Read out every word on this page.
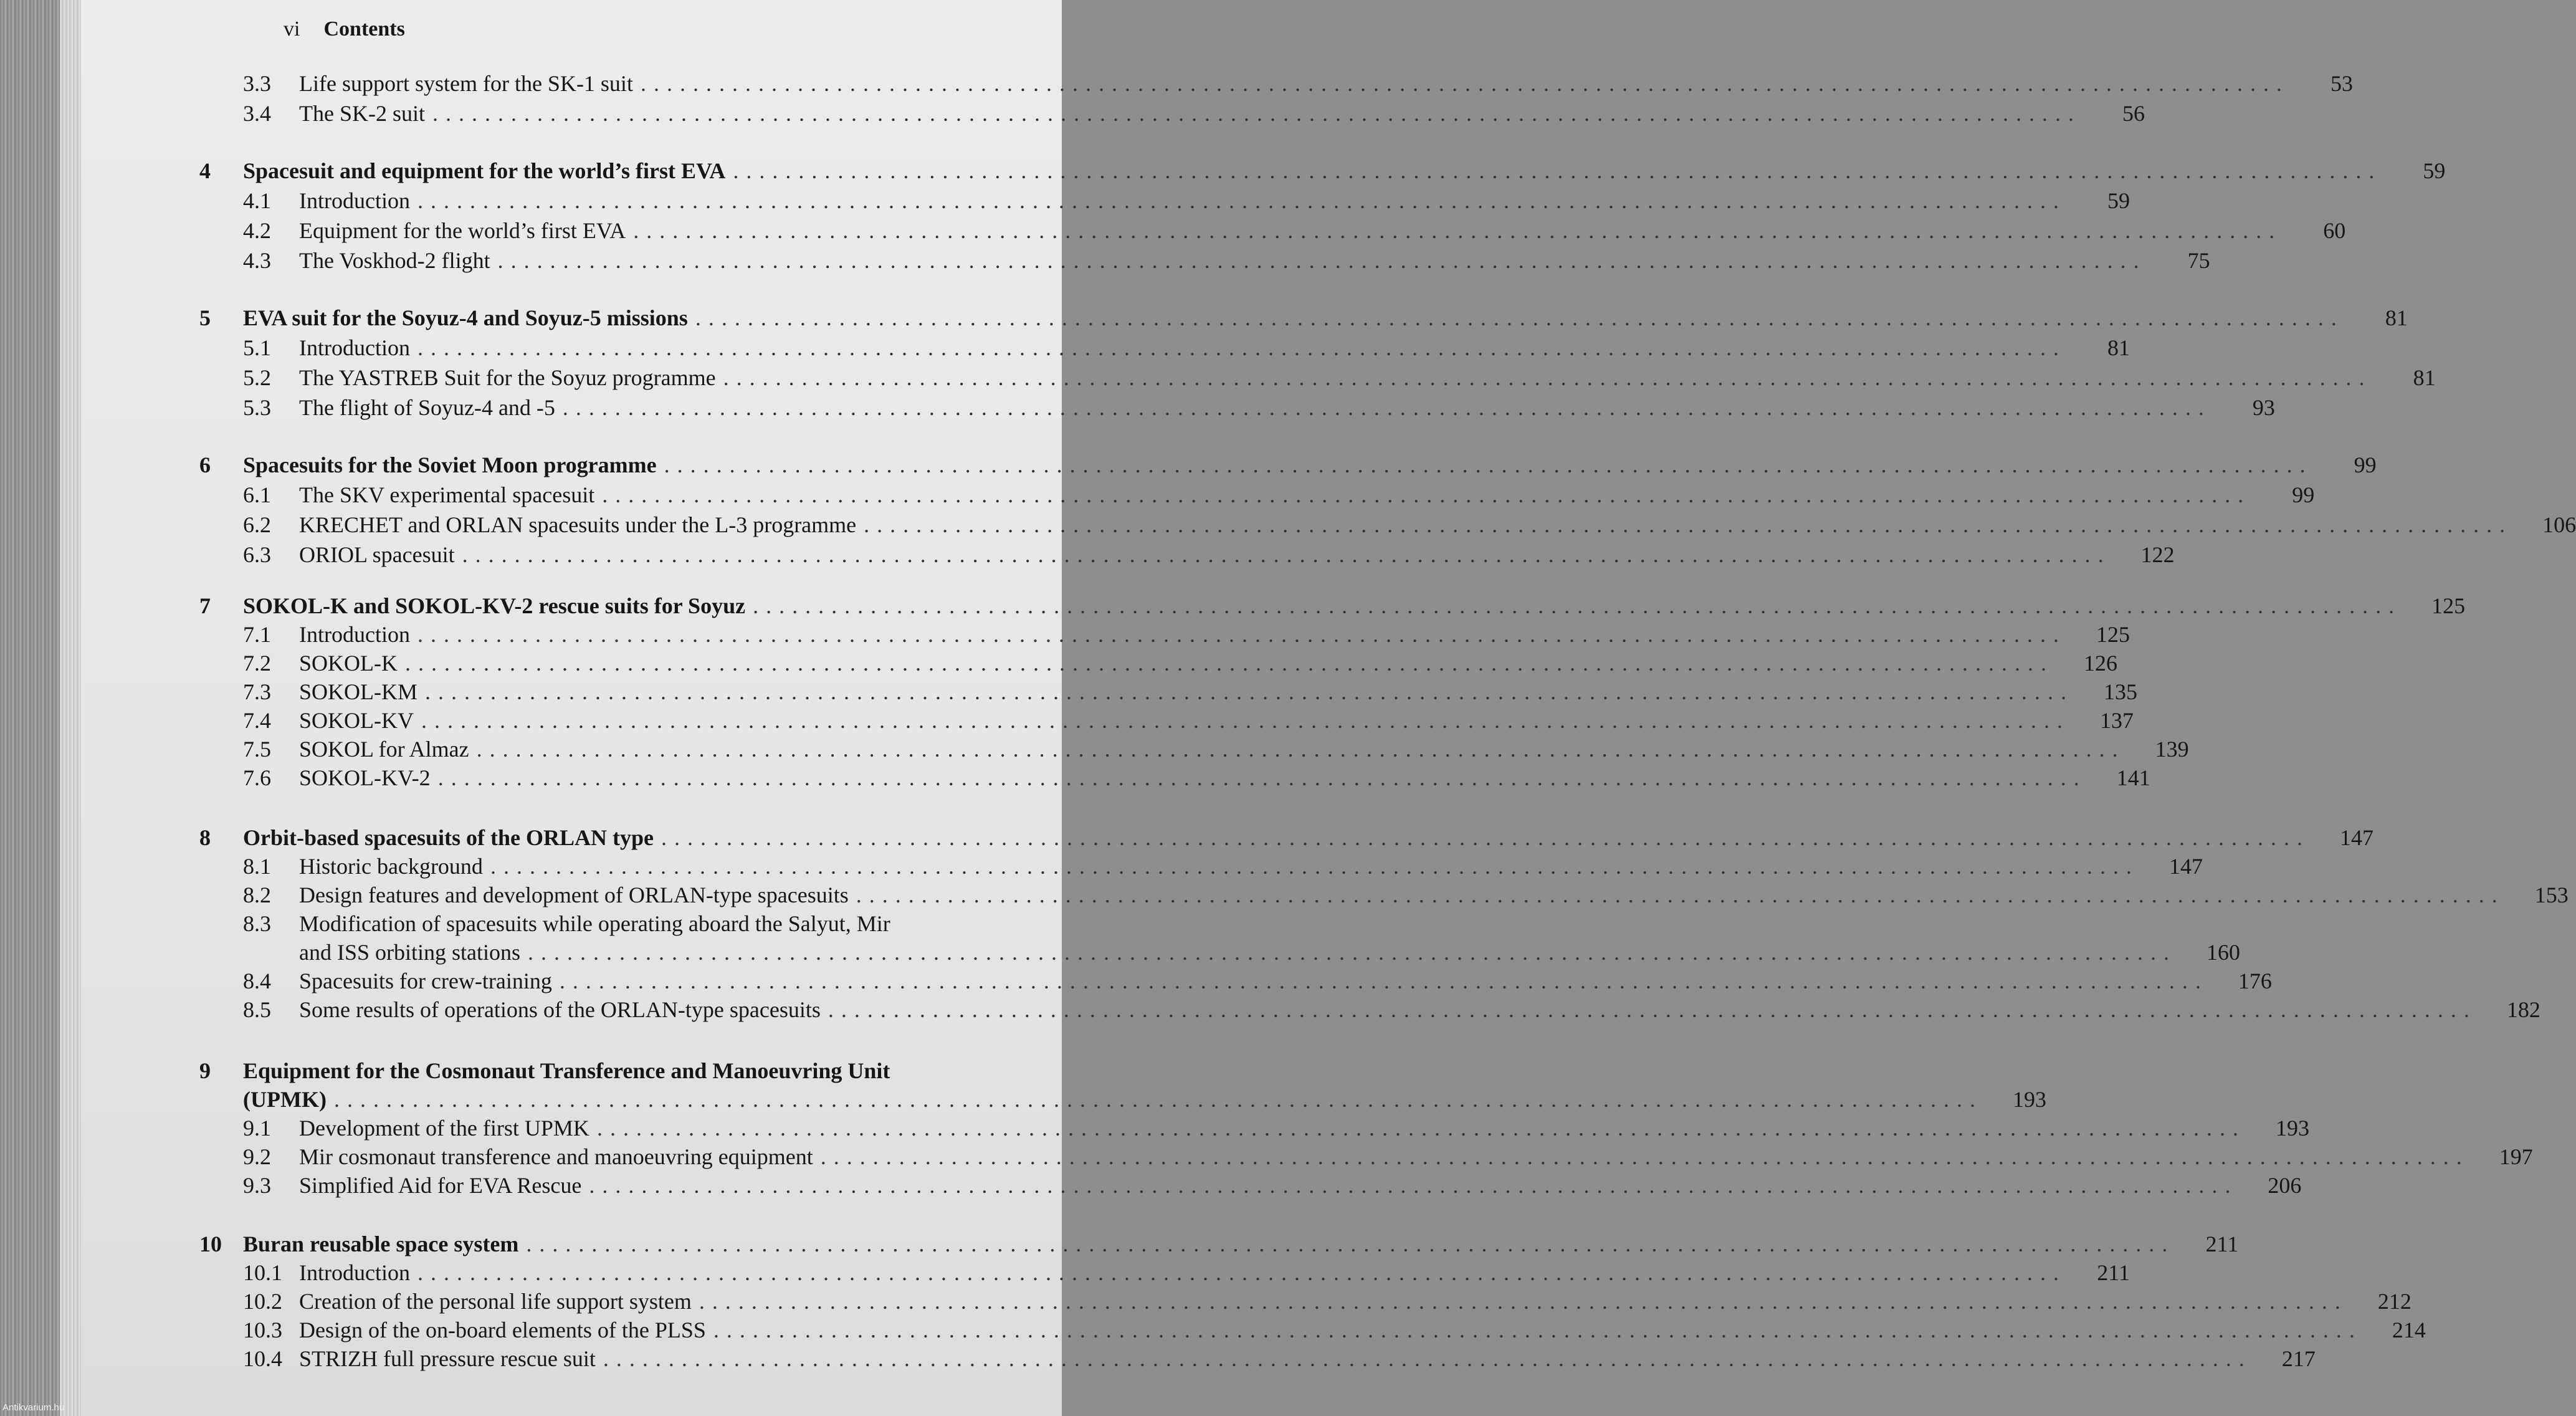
vi Contents
3.3	Life support system for the SK-1 suit ..............................................................................................................................	53
3.4	The SK-2 suit ..............................................................................................................................	56
4	Spacesuit and equipment for the world’s first EVA ..............................................................................................................................	59
4.1	Introduction ..............................................................................................................................	59
4.2	Equipment for the world’s first EVA ..............................................................................................................................	60
4.3	The Voskhod-2 flight ..............................................................................................................................	75
5	EVA suit for the Soyuz-4 and Soyuz-5 missions ..............................................................................................................................	81
5.1	Introduction ..............................................................................................................................	81
5.2	The YASTREB Suit for the Soyuz programme ..............................................................................................................................	81
5.3	The flight of Soyuz-4 and -5 ..............................................................................................................................	93
6	Spacesuits for the Soviet Moon programme ..............................................................................................................................	99
6.1	The SKV experimental spacesuit ..............................................................................................................................	99
6.2	KRECHET and ORLAN spacesuits under the L-3 programme ..............................................................................................................................	106
6.3	ORIOL spacesuit ..............................................................................................................................	122
7	SOKOL-K and SOKOL-KV-2 rescue suits for Soyuz ..............................................................................................................................	125
7.1	Introduction ..............................................................................................................................	125
7.2	SOKOL-K ..............................................................................................................................	126
7.3	SOKOL-KM ..............................................................................................................................	135
7.4	SOKOL-KV ..............................................................................................................................	137
7.5	SOKOL for Almaz ..............................................................................................................................	139
7.6	SOKOL-KV-2 ..............................................................................................................................	141
8	Orbit-based spacesuits of the ORLAN type ..............................................................................................................................	147
8.1	Historic background ..............................................................................................................................	147
8.2	Design features and development of ORLAN-type spacesuits ..............................................................................................................................	153
8.3 Modification of spacesuits while operating aboard the Salyut, Mir
and ISS orbiting stations ..............................................................................................................................	160
8.4	Spacesuits for crew-training ..............................................................................................................................	176
8.5	Some results of operations of the ORLAN-type spacesuits ..............................................................................................................................	182
9 Equipment for the Cosmonaut Transference and Manoeuvring Unit
(UPMK) ..............................................................................................................................	193
9.1	Development of the first UPMK ..............................................................................................................................	193
9.2	Mir cosmonaut transference and manoeuvring equipment ..............................................................................................................................	197
9.3	Simplified Aid for EVA Rescue ..............................................................................................................................	206
10 Buran reusable space system ..............................................................................................................................	211
10.1 Introduction ..............................................................................................................................	211
10.2 Creation of the personal life support system ..............................................................................................................................	212
10.3 Design of the on-board elements of the PLSS ..............................................................................................................................	214
10.4 STRIZH full pressure rescue suit ..............................................................................................................................	217
Antikvarium.hu
